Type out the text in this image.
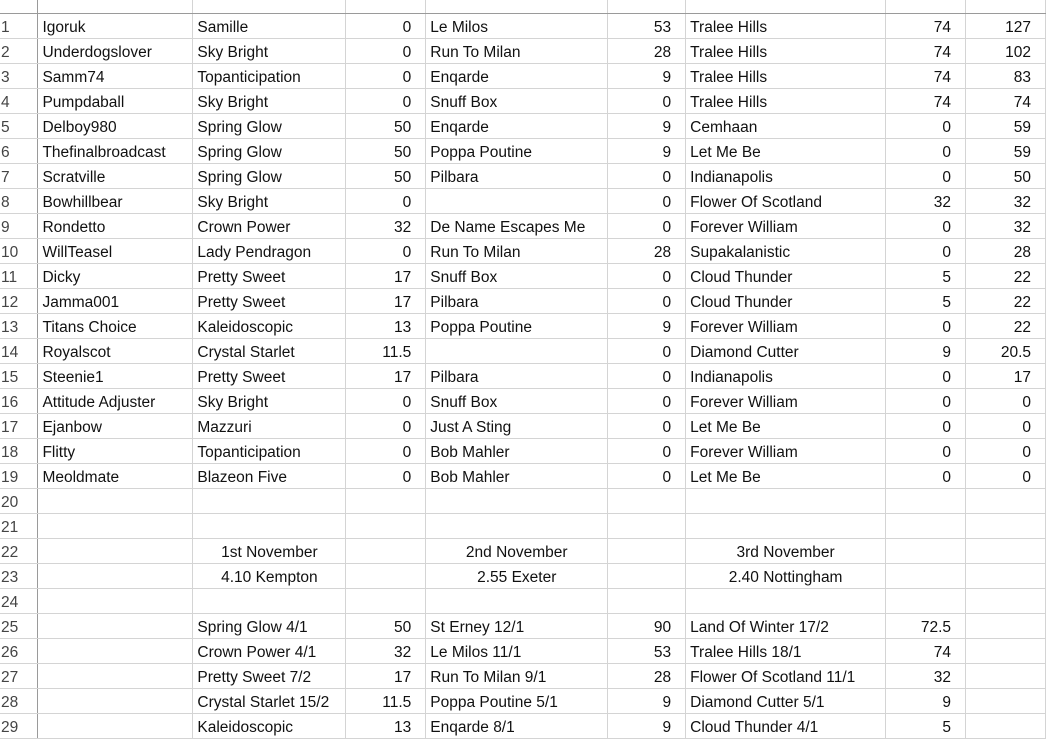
1	Igoruk	Samille	0	Le Milos	53	Tralee Hills	74	127
2	Underdogslover	Sky Bright	0	Run To Milan	28	Tralee Hills	74	102
3	Samm74	Topanticipation	0	Enqarde	9	Tralee Hills	74	83
4	Pumpdaball	Sky Bright	0	Snuff Box	0	Tralee Hills	74	74
5	Delboy980	Spring Glow	50	Enqarde	9	Cemhaan	0	59
6	Thefinalbroadcast	Spring Glow	50	Poppa Poutine	9	Let Me Be	0	59
7	Scratville	Spring Glow	50	Pilbara	0	Indianapolis	0	50
8	Bowhillbear	Sky Bright	0		0	Flower Of Scotland	32	32
9	Rondetto	Crown Power	32	De Name Escapes Me	0	Forever William	0	32
10	WillTeasel	Lady Pendragon	0	Run To Milan	28	Supakalanistic	0	28
11	Dicky	Pretty Sweet	17	Snuff Box	0	Cloud Thunder	5	22
12	Jamma001	Pretty Sweet	17	Pilbara	0	Cloud Thunder	5	22
13	Titans Choice	Kaleidoscopic	13	Poppa Poutine	9	Forever William	0	22
14	Royalscot	Crystal Starlet	11.5		0	Diamond Cutter	9	20.5
15	Steenie1	Pretty Sweet	17	Pilbara	0	Indianapolis	0	17
16	Attitude Adjuster	Sky Bright	0	Snuff Box	0	Forever William	0	0
17	Ejanbow	Mazzuri	0	Just A Sting	0	Let Me Be	0	0
18	Flitty	Topanticipation	0	Bob Mahler	0	Forever William	0	0
19	Meoldmate	Blazeon Five	0	Bob Mahler	0	Let Me Be	0	0
20								
21								
22		1st November		2nd November		3rd November		
23		4.10 Kempton		2.55 Exeter		2.40 Nottingham		
24								
25		Spring Glow 4/1	50	St Erney 12/1	90	Land Of Winter 17/2	72.5	
26		Crown Power 4/1	32	Le Milos 11/1	53	Tralee Hills 18/1	74	
27		Pretty Sweet 7/2	17	Run To Milan 9/1	28	Flower Of Scotland 11/1	32	
28		Crystal Starlet 15/2	11.5	Poppa Poutine 5/1	9	Diamond Cutter 5/1	9	
29		Kaleidoscopic	13	Enqarde 8/1	9	Cloud Thunder 4/1	5	
